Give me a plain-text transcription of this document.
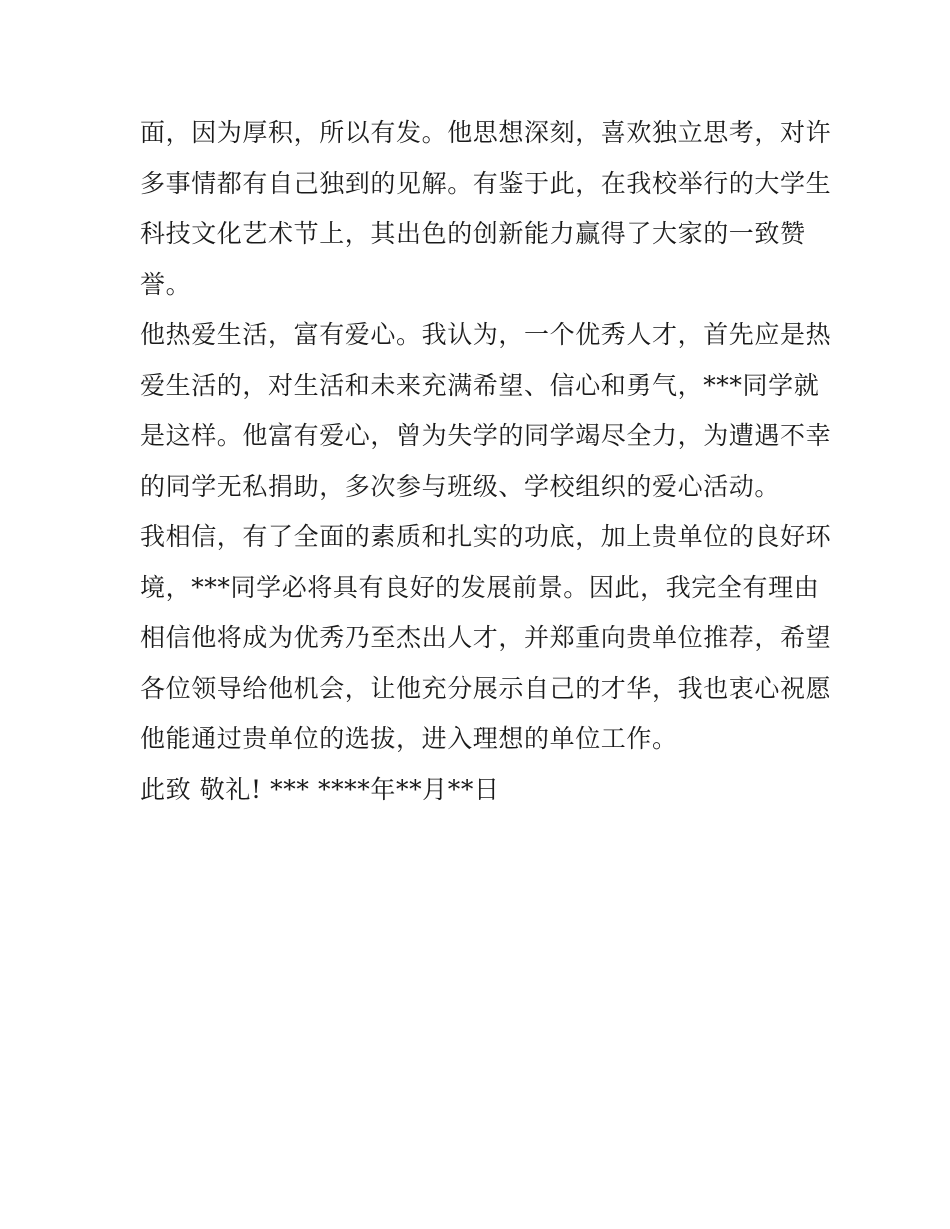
面，因为厚积，所以有发。他思想深刻，喜欢独立思考，对许
多事情都有自己独到的见解。有鉴于此，在我校举行的大学生
科技文化艺术节上，其出色的创新能力赢得了大家的一致赞
誉。
他热爱生活，富有爱心。我认为，一个优秀人才，首先应是热
爱生活的，对生活和未来充满希望、信心和勇气，***同学就
是这样。他富有爱心，曾为失学的同学竭尽全力，为遭遇不幸
的同学无私捐助，多次参与班级、学校组织的爱心活动。
我相信，有了全面的素质和扎实的功底，加上贵单位的良好环
境，***同学必将具有良好的发展前景。因此，我完全有理由
相信他将成为优秀乃至杰出人才，并郑重向贵单位推荐，希望
各位领导给他机会，让他充分展示自己的才华，我也衷心祝愿
他能通过贵单位的选拔，进入理想的单位工作。
此致 敬礼! *** ****年**月**日
